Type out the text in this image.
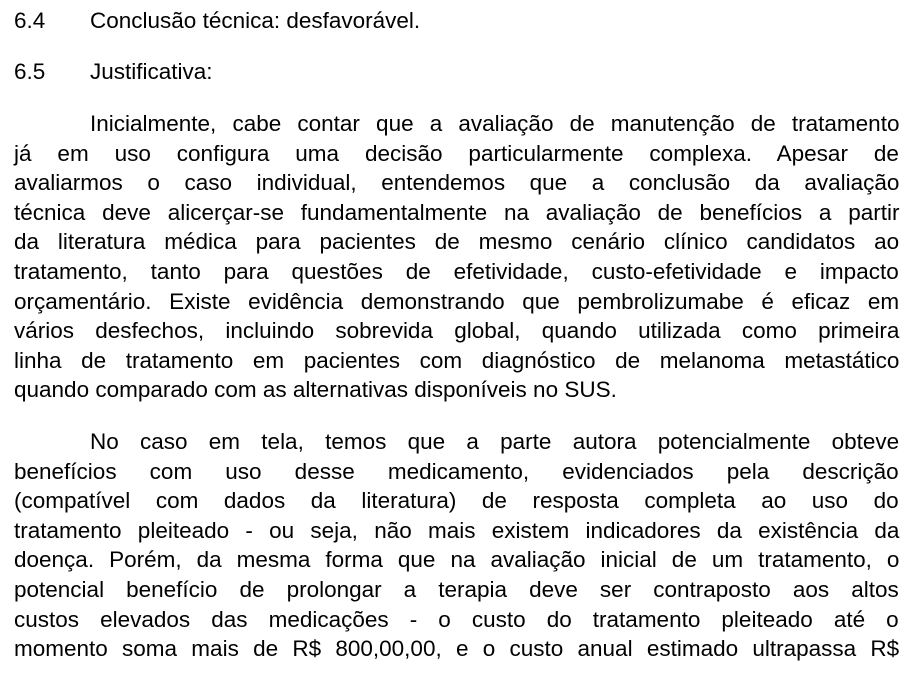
6.4 Conclusão técnica: desfavorável.
6.5 Justificativa:
Inicialmente, cabe contar que a avaliação de manutenção de tratamento
já em uso configura uma decisão particularmente complexa. Apesar de
avaliarmos o caso individual, entendemos que a conclusão da avaliação
técnica deve alicerçar-se fundamentalmente na avaliação de benefícios a partir
da literatura médica para pacientes de mesmo cenário clínico candidatos ao
tratamento, tanto para questões de efetividade, custo-efetividade e impacto
orçamentário. Existe evidência demonstrando que pembrolizumabe é eficaz em
vários desfechos, incluindo sobrevida global, quando utilizada como primeira
linha de tratamento em pacientes com diagnóstico de melanoma metastático
quando comparado com as alternativas disponíveis no SUS.
No caso em tela, temos que a parte autora potencialmente obteve
benefícios com uso desse medicamento, evidenciados pela descrição
(compatível com dados da literatura) de resposta completa ao uso do
tratamento pleiteado - ou seja, não mais existem indicadores da existência da
doença. Porém, da mesma forma que na avaliação inicial de um tratamento, o
potencial benefício de prolongar a terapia deve ser contraposto aos altos
custos elevados das medicações - o custo do tratamento pleiteado até o
momento soma mais de R$ 800,00,00, e o custo anual estimado ultrapassa R$
